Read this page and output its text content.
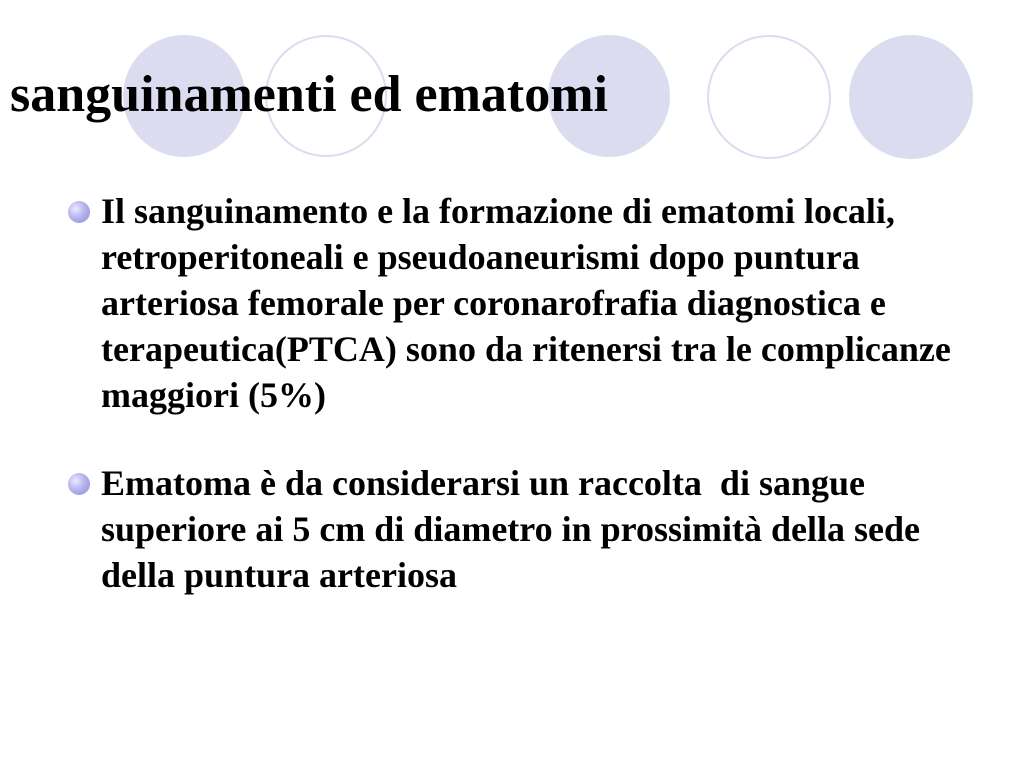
sanguinamenti ed ematomi
Il sanguinamento e la formazione di ematomi locali, retroperitoneali e pseudoaneurismi dopo puntura arteriosa femorale per coronarofrafia diagnostica e terapeutica(PTCA) sono da ritenersi tra le complicanze maggiori (5%)
Ematoma è da considerarsi un raccolta  di sangue superiore ai 5 cm di diametro in prossimità della sede della puntura arteriosa
